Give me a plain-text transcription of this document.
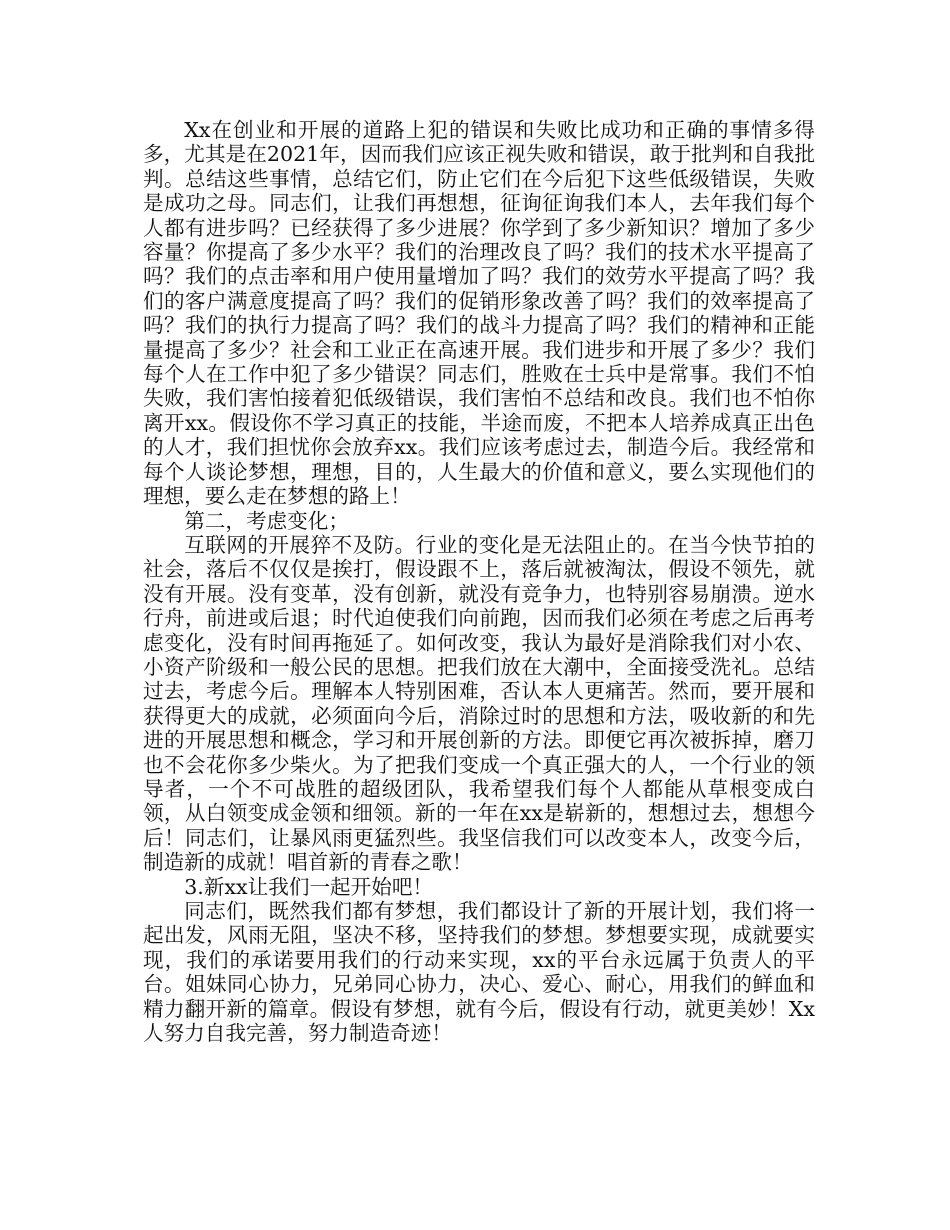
Xx在创业和开展的道路上犯的错误和失败比成功和正确的事情多得多，尤其是在2021年，因而我们应该正视失败和错误，敢于批判和自我批判。总结这些事情，总结它们，防止它们在今后犯下这些低级错误，失败是成功之母。同志们，让我们再想想，征询征询我们本人，去年我们每个人都有进步吗？已经获得了多少进展？你学到了多少新知识？增加了多少容量？你提高了多少水平？我们的治理改良了吗？我们的技术水平提高了吗？我们的点击率和用户使用量增加了吗？我们的效劳水平提高了吗？我们的客户满意度提高了吗？我们的促销形象改善了吗？我们的效率提高了吗？我们的执行力提高了吗？我们的战斗力提高了吗？我们的精神和正能量提高了多少？社会和工业正在高速开展。我们进步和开展了多少？我们每个人在工作中犯了多少错误？同志们，胜败在士兵中是常事。我们不怕失败，我们害怕接着犯低级错误，我们害怕不总结和改良。我们也不怕你离开xx。假设你不学习真正的技能，半途而废，不把本人培养成真正出色的人才，我们担忧你会放弃xx。我们应该考虑过去，制造今后。我经常和每个人谈论梦想，理想，目的，人生最大的价值和意义，要么实现他们的理想，要么走在梦想的路上！

第二，考虑变化；

互联网的开展猝不及防。行业的变化是无法阻止的。在当今快节拍的社会，落后不仅仅是挨打，假设跟不上，落后就被淘汰，假设不领先，就没有开展。没有变革，没有创新，就没有竞争力，也特别容易崩溃。逆水行舟，前进或后退；时代迫使我们向前跑，因而我们必须在考虑之后再考虑变化，没有时间再拖延了。如何改变，我认为最好是消除我们对小农、小资产阶级和一般公民的思想。把我们放在大潮中，全面接受洗礼。总结过去，考虑今后。理解本人特别困难，否认本人更痛苦。然而，要开展和获得更大的成就，必须面向今后，消除过时的思想和方法，吸收新的和先进的开展思想和概念，学习和开展创新的方法。即便它再次被拆掉，磨刀也不会花你多少柴火。为了把我们变成一个真正强大的人，一个行业的领导者，一个不可战胜的超级团队，我希望我们每个人都能从草根变成白领，从白领变成金领和细领。新的一年在xx是崭新的，想想过去，想想今后！同志们，让暴风雨更猛烈些。我坚信我们可以改变本人，改变今后，制造新的成就！唱首新的青春之歌！

3.新xx让我们一起开始吧！

同志们，既然我们都有梦想，我们都设计了新的开展计划，我们将一起出发，风雨无阻，坚决不移，坚持我们的梦想。梦想要实现，成就要实现，我们的承诺要用我们的行动来实现，xx的平台永远属于负责人的平台。姐妹同心协力，兄弟同心协力，决心、爱心、耐心，用我们的鲜血和精力翻开新的篇章。假设有梦想，就有今后，假设有行动，就更美妙！Xx人努力自我完善，努力制造奇迹！
